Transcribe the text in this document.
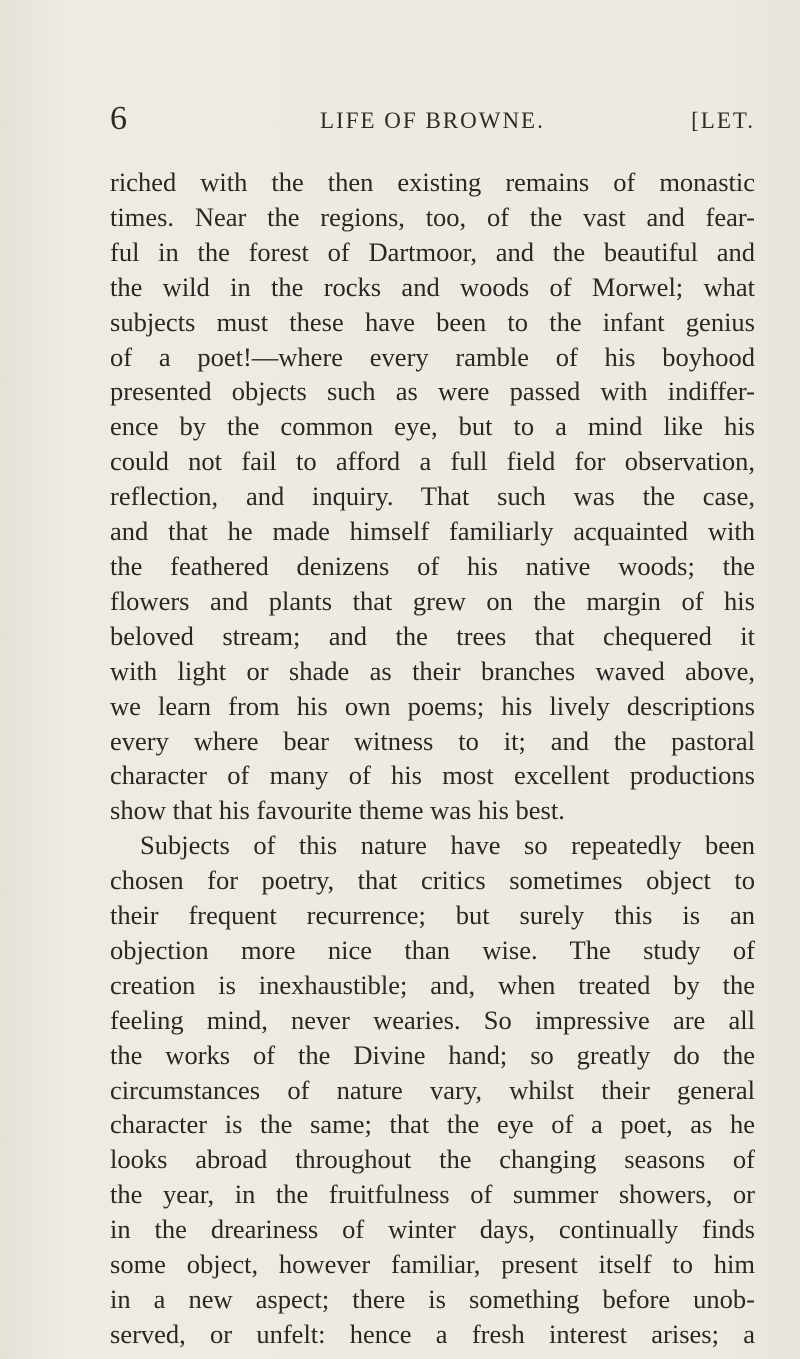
6	LIFE OF BROWNE.	[LET.
riched with the then existing remains of monastic
times. Near the regions, too, of the vast and fear-
ful in the forest of Dartmoor, and the beautiful and
the wild in the rocks and woods of Morwel; what
subjects must these have been to the infant genius
of a poet!—where every ramble of his boyhood
presented objects such as were passed with indiffer-
ence by the common eye, but to a mind like his
could not fail to afford a full field for observation,
reflection, and inquiry. That such was the case,
and that he made himself familiarly acquainted with
the feathered denizens of his native woods; the
flowers and plants that grew on the margin of his
beloved stream; and the trees that chequered it
with light or shade as their branches waved above,
we learn from his own poems; his lively descriptions
every where bear witness to it; and the pastoral
character of many of his most excellent productions
show that his favourite theme was his best.
Subjects of this nature have so repeatedly been
chosen for poetry, that critics sometimes object to
their frequent recurrence; but surely this is an
objection more nice than wise. The study of
creation is inexhaustible; and, when treated by the
feeling mind, never wearies. So impressive are all
the works of the Divine hand; so greatly do the
circumstances of nature vary, whilst their general
character is the same; that the eye of a poet, as he
looks abroad throughout the changing seasons of
the year, in the fruitfulness of summer showers, or
in the dreariness of winter days, continually finds
some object, however familiar, present itself to him
in a new aspect; there is something before unob-
served, or unfelt: hence a fresh interest arises; a
